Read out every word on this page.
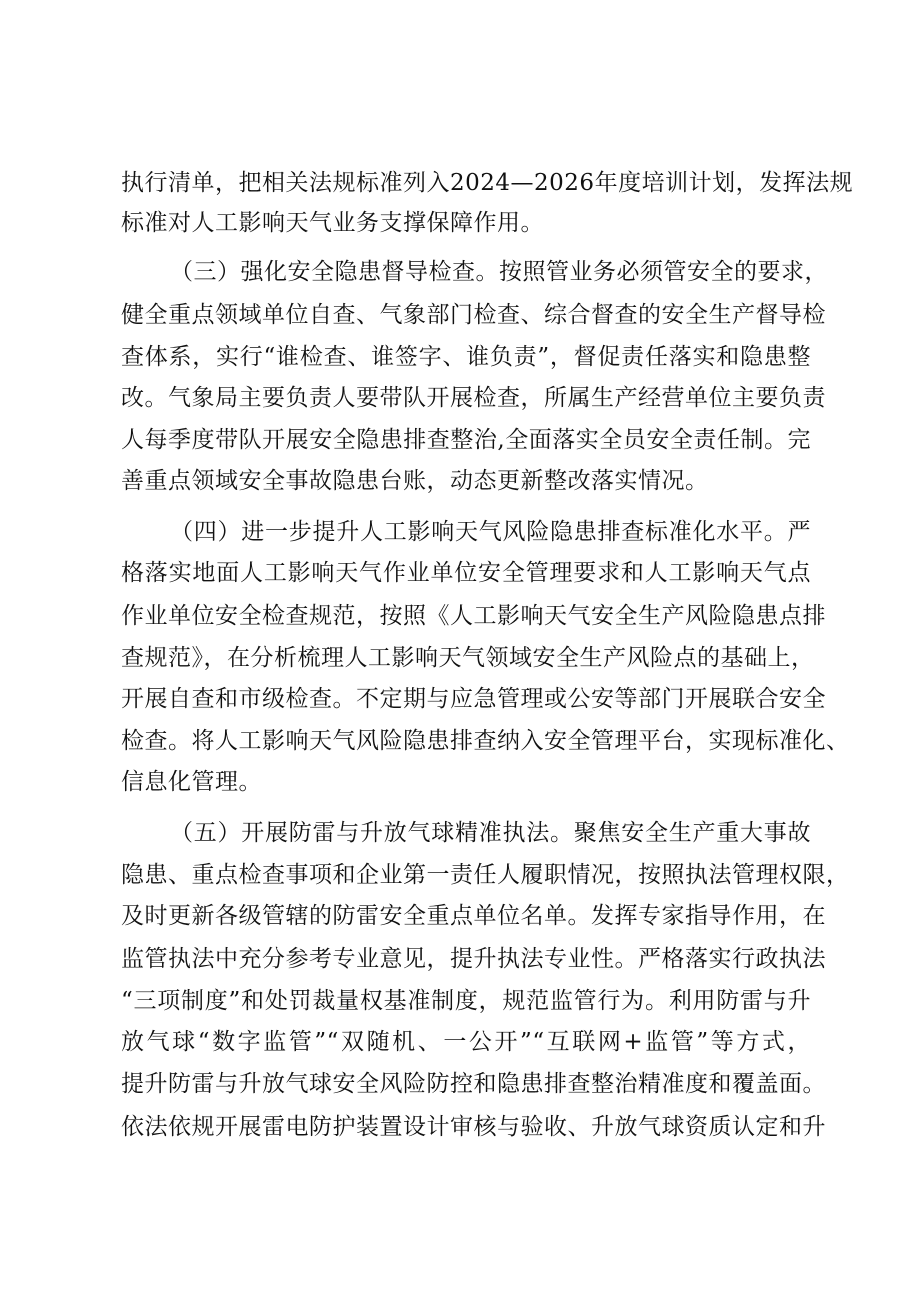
执行清单，把相关法规标准列入2024—2026年度培训计划，发挥法规
标准对人工影响天气业务支撑保障作用。
（三）强化安全隐患督导检查。按照管业务必须管安全的要求，
健全重点领域单位自查、气象部门检查、综合督查的安全生产督导检
查体系，实行“谁检查、谁签字、谁负责”，督促责任落实和隐患整
改。气象局主要负责人要带队开展检查，所属生产经营单位主要负责
人每季度带队开展安全隐患排查整治,全面落实全员安全责任制。完
善重点领域安全事故隐患台账，动态更新整改落实情况。
（四）进一步提升人工影响天气风险隐患排查标准化水平。严
格落实地面人工影响天气作业单位安全管理要求和人工影响天气点
作业单位安全检查规范，按照《人工影响天气安全生产风险隐患点排
查规范》，在分析梳理人工影响天气领域安全生产风险点的基础上，
开展自查和市级检查。不定期与应急管理或公安等部门开展联合安全
检查。将人工影响天气风险隐患排查纳入安全管理平台，实现标准化、
信息化管理。
（五）开展防雷与升放气球精准执法。聚焦安全生产重大事故
隐患、重点检查事项和企业第一责任人履职情况，按照执法管理权限，
及时更新各级管辖的防雷安全重点单位名单。发挥专家指导作用，在
监管执法中充分参考专业意见，提升执法专业性。严格落实行政执法
“三项制度”和处罚裁量权基准制度，规范监管行为。利用防雷与升
放气球“数字监管”“双随机、一公开”“互联网+监管”等方式，
提升防雷与升放气球安全风险防控和隐患排查整治精准度和覆盖面。
依法依规开展雷电防护装置设计审核与验收、升放气球资质认定和升
